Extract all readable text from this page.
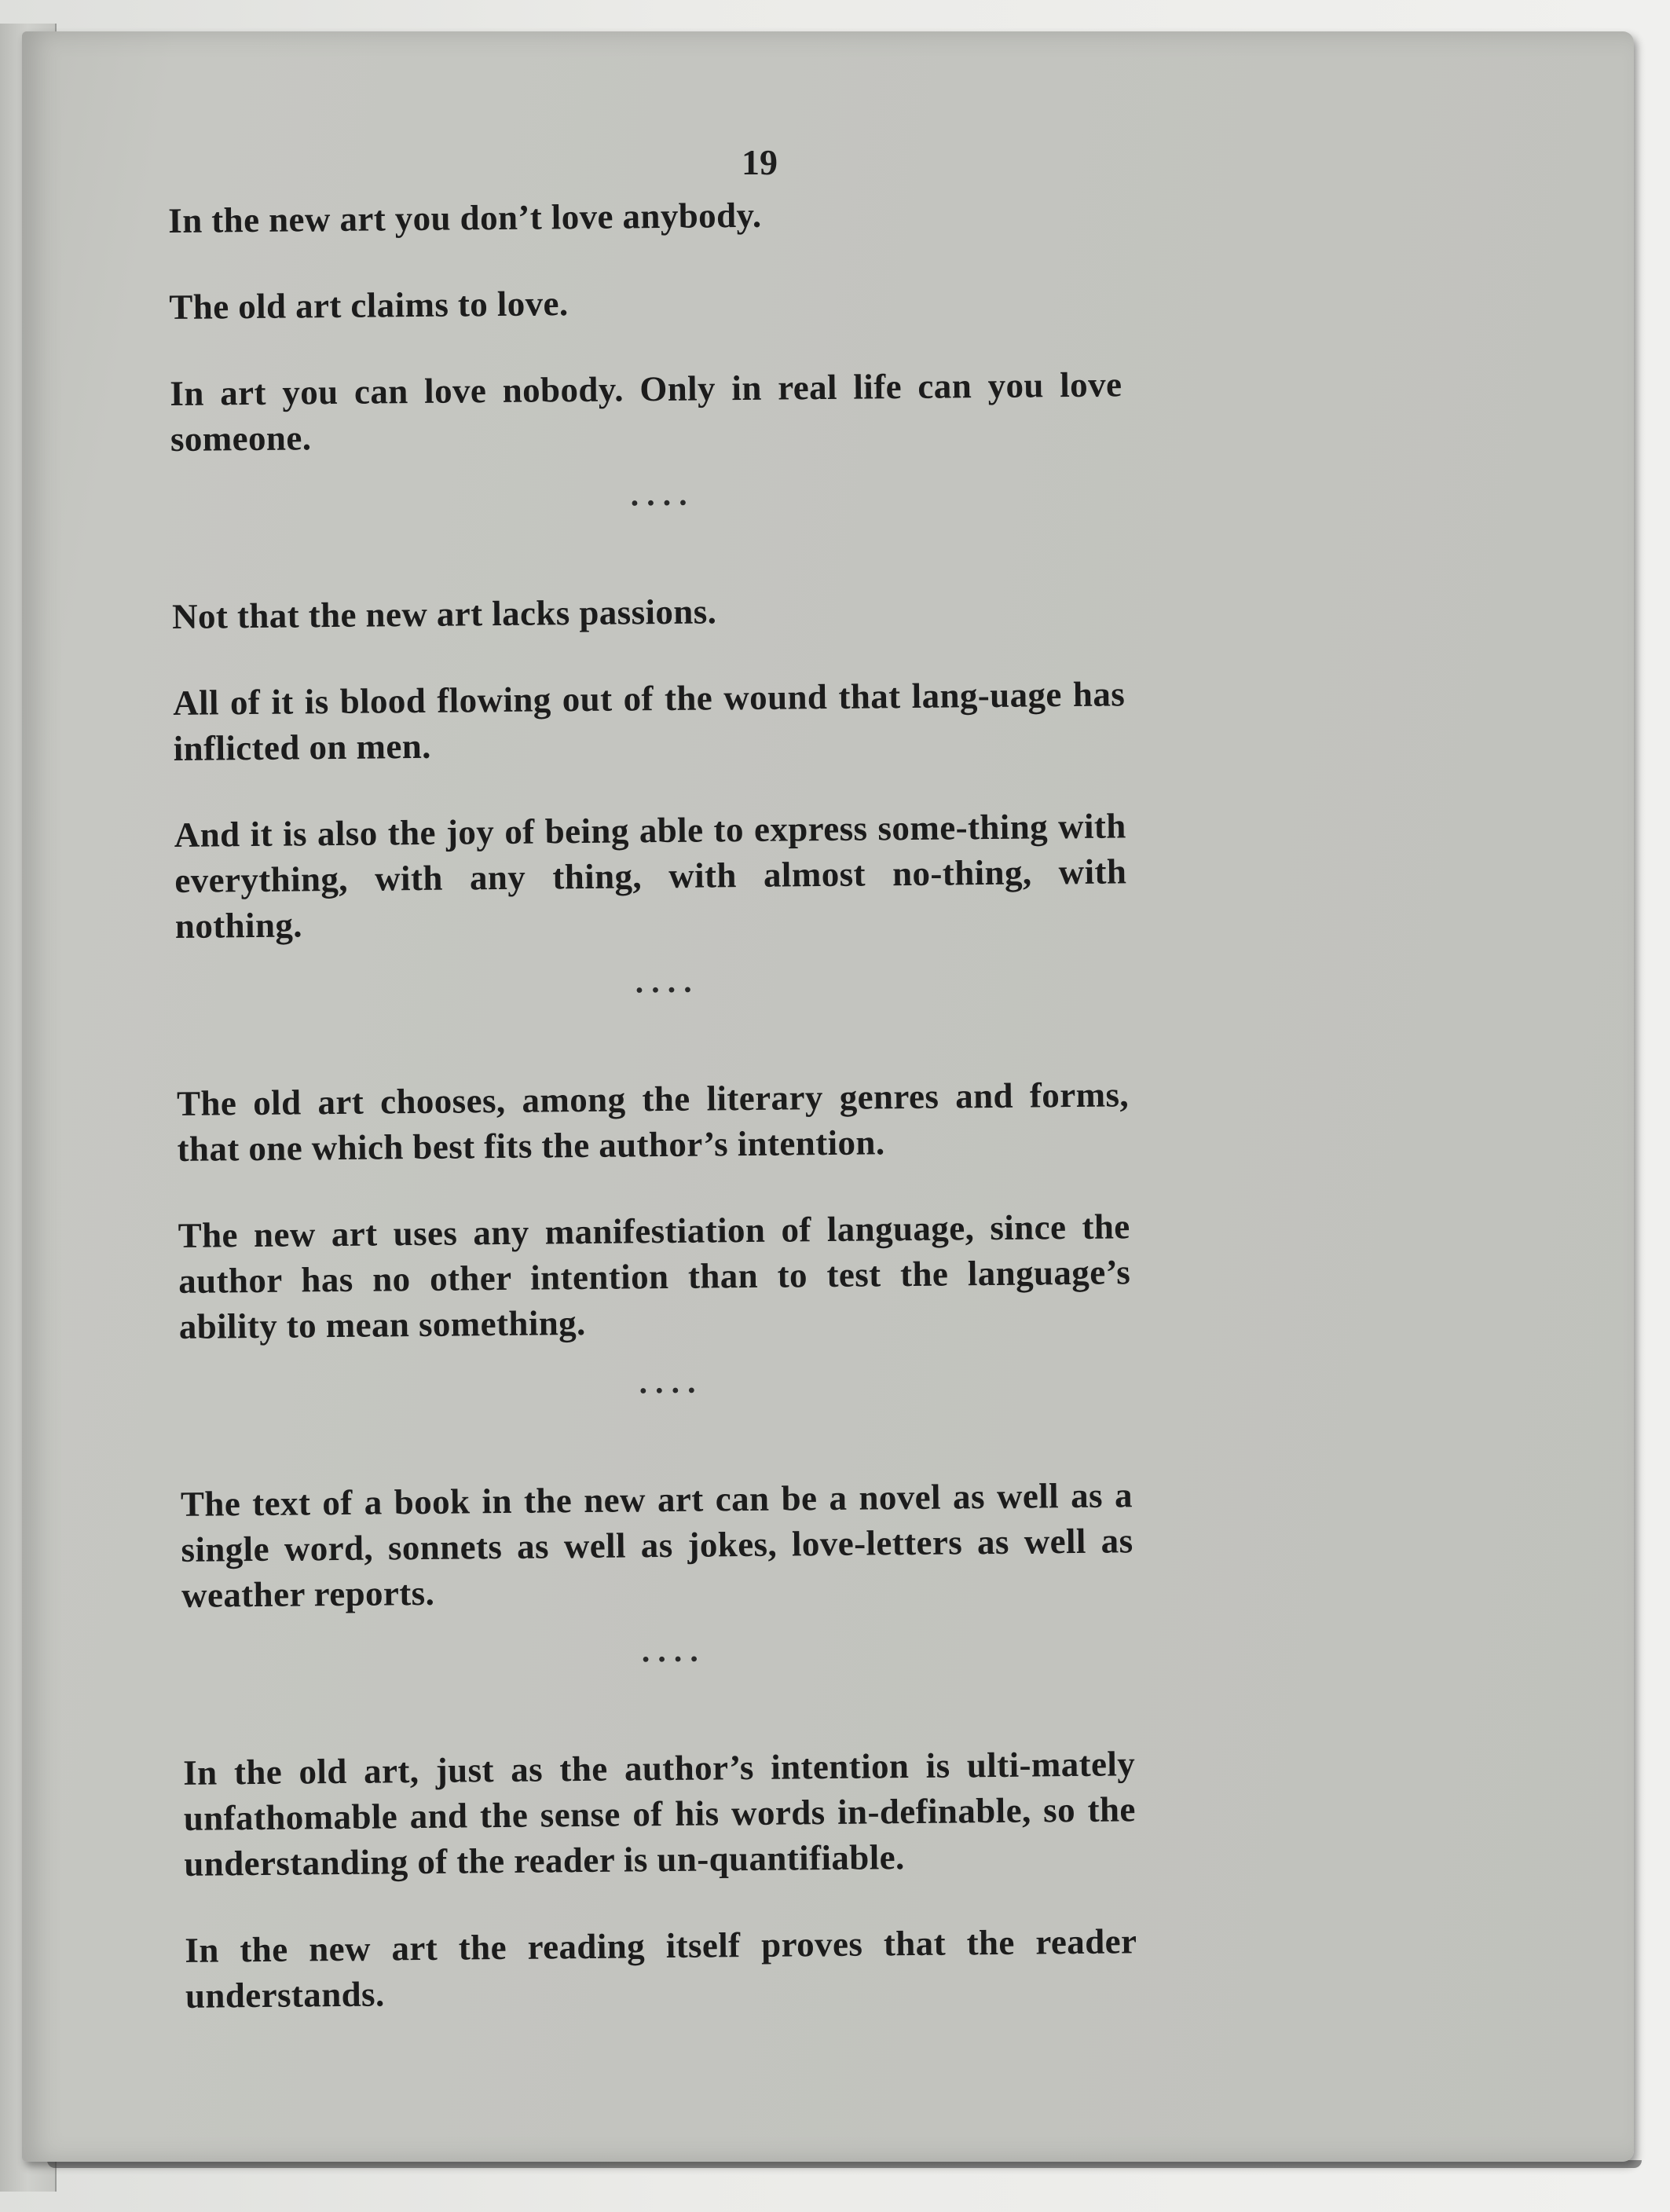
19

In the new art you don’t love anybody.

The old art claims to love.

In art you can love nobody. Only in real life can you love someone.

....

Not that the new art lacks passions.

All of it is blood flowing out of the wound that lang-uage has inflicted on men.

And it is also the joy of being able to express some-thing with everything, with any thing, with almost no-thing, with nothing.

....

The old art chooses, among the literary genres and forms, that one which best fits the author’s intention.

The new art uses any manifestiation of language, since the author has no other intention than to test the language’s ability to mean something.

....

The text of a book in the new art can be a novel as well as a single word, sonnets as well as jokes, love-letters as well as weather reports.

....

In the old art, just as the author’s intention is ulti-mately unfathomable and the sense of his words in-definable, so the understanding of the reader is un-quantifiable.

In the new art the reading itself proves that the reader understands.
